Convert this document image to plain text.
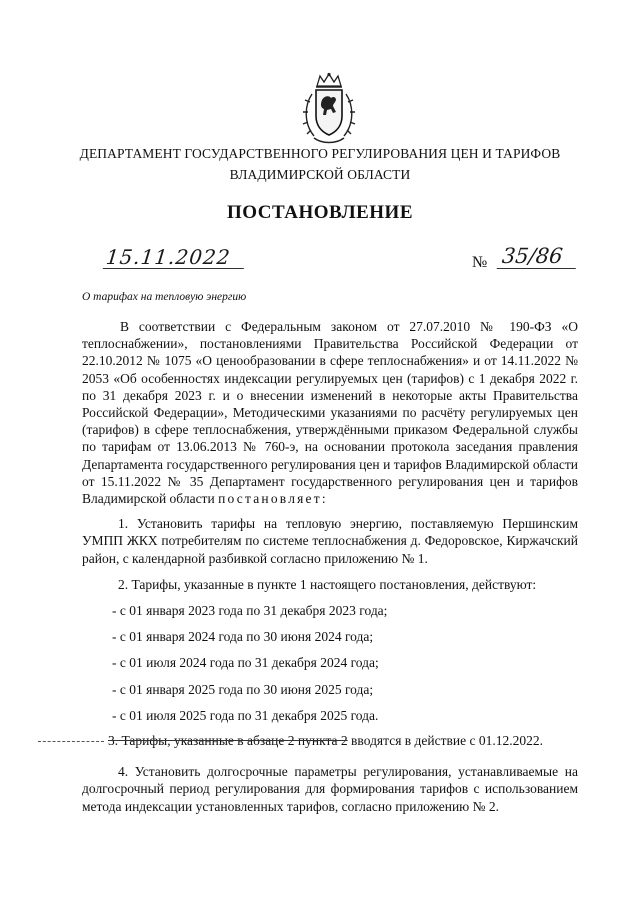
ДЕПАРТАМЕНТ ГОСУДАРСТВЕННОГО РЕГУЛИРОВАНИЯ ЦЕН И ТАРИФОВ
ВЛАДИМИРСКОЙ ОБЛАСТИ
ПОСТАНОВЛЕНИЕ
15.11.2022	№ 35/86
О тарифах на тепловую энергию

В соответствии с Федеральным законом от 27.07.2010 № 190-ФЗ «О теплоснабжении», постановлениями Правительства Российской Федерации от 22.10.2012 № 1075 «О ценообразовании в сфере теплоснабжения» и от 14.11.2022 № 2053 «Об особенностях индексации регулируемых цен (тарифов) с 1 декабря 2022 г. по 31 декабря 2023 г. и о внесении изменений в некоторые акты Правительства Российской Федерации», Методическими указаниями по расчёту регулируемых цен (тарифов) в сфере теплоснабжения, утверждёнными приказом Федеральной службы по тарифам от 13.06.2013 № 760-э, на основании протокола заседания правления Департамента государственного регулирования цен и тарифов Владимирской области от 15.11.2022 № 35 Департамент государственного регулирования цен и тарифов Владимирской области постановляет:

1. Установить тарифы на тепловую энергию, поставляемую Першинским УМПП ЖКХ потребителям по системе теплоснабжения д. Федоровское, Киржачский район, с календарной разбивкой согласно приложению № 1.

2. Тарифы, указанные в пункте 1 настоящего постановления, действуют:

- с 01 января 2023 года по 31 декабря 2023 года;
- с 01 января 2024 года по 30 июня 2024 года;
- с 01 июля 2024 года по 31 декабря 2024 года;
- с 01 января 2025 года по 30 июня 2025 года;
- с 01 июля 2025 года по 31 декабря 2025 года.
3. Тарифы, указанные в абзаце 2 пункта 2 вводятся в действие с 01.12.2022.

4. Установить долгосрочные параметры регулирования, устанавливаемые на долгосрочный период регулирования для формирования тарифов с использованием метода индексации установленных тарифов, согласно приложению № 2.
